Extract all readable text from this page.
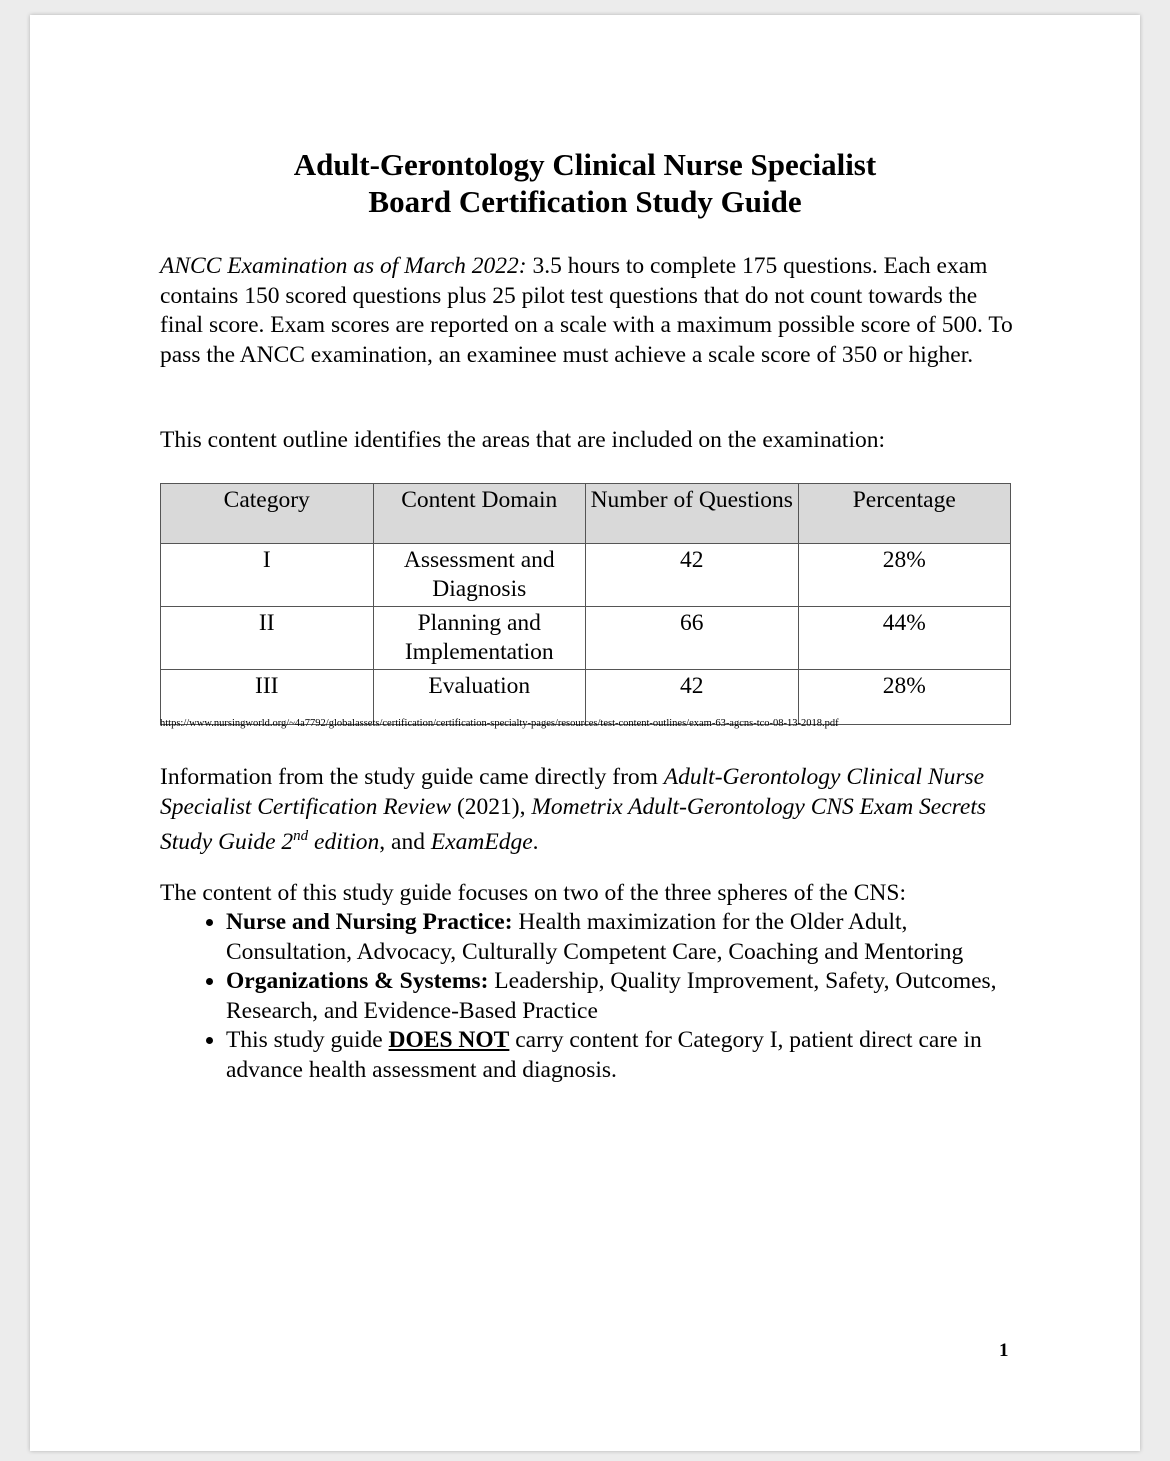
Adult-Gerontology Clinical Nurse Specialist
Board Certification Study Guide
ANCC Examination as of March 2022: 3.5 hours to complete 175 questions. Each exam contains 150 scored questions plus 25 pilot test questions that do not count towards the final score. Exam scores are reported on a scale with a maximum possible score of 500. To pass the ANCC examination, an examinee must achieve a scale score of 350 or higher.
This content outline identifies the areas that are included on the examination:
Category	Content Domain	Number of Questions	Percentage
I	Assessment and Diagnosis	42	28%
II	Planning and Implementation	66	44%
III	Evaluation	42	28%
https://www.nursingworld.org/~4a7792/globalassets/certification/certification-specialty-pages/resources/test-content-outlines/exam-63-agcns-tco-08-13-2018.pdf
Information from the study guide came directly from Adult-Gerontology Clinical Nurse Specialist Certification Review (2021), Mometrix Adult-Gerontology CNS Exam Secrets Study Guide 2nd edition, and ExamEdge.
The content of this study guide focuses on two of the three spheres of the CNS:
• Nurse and Nursing Practice: Health maximization for the Older Adult, Consultation, Advocacy, Culturally Competent Care, Coaching and Mentoring
• Organizations & Systems: Leadership, Quality Improvement, Safety, Outcomes, Research, and Evidence-Based Practice
• This study guide DOES NOT carry content for Category I, patient direct care in advance health assessment and diagnosis.
1
